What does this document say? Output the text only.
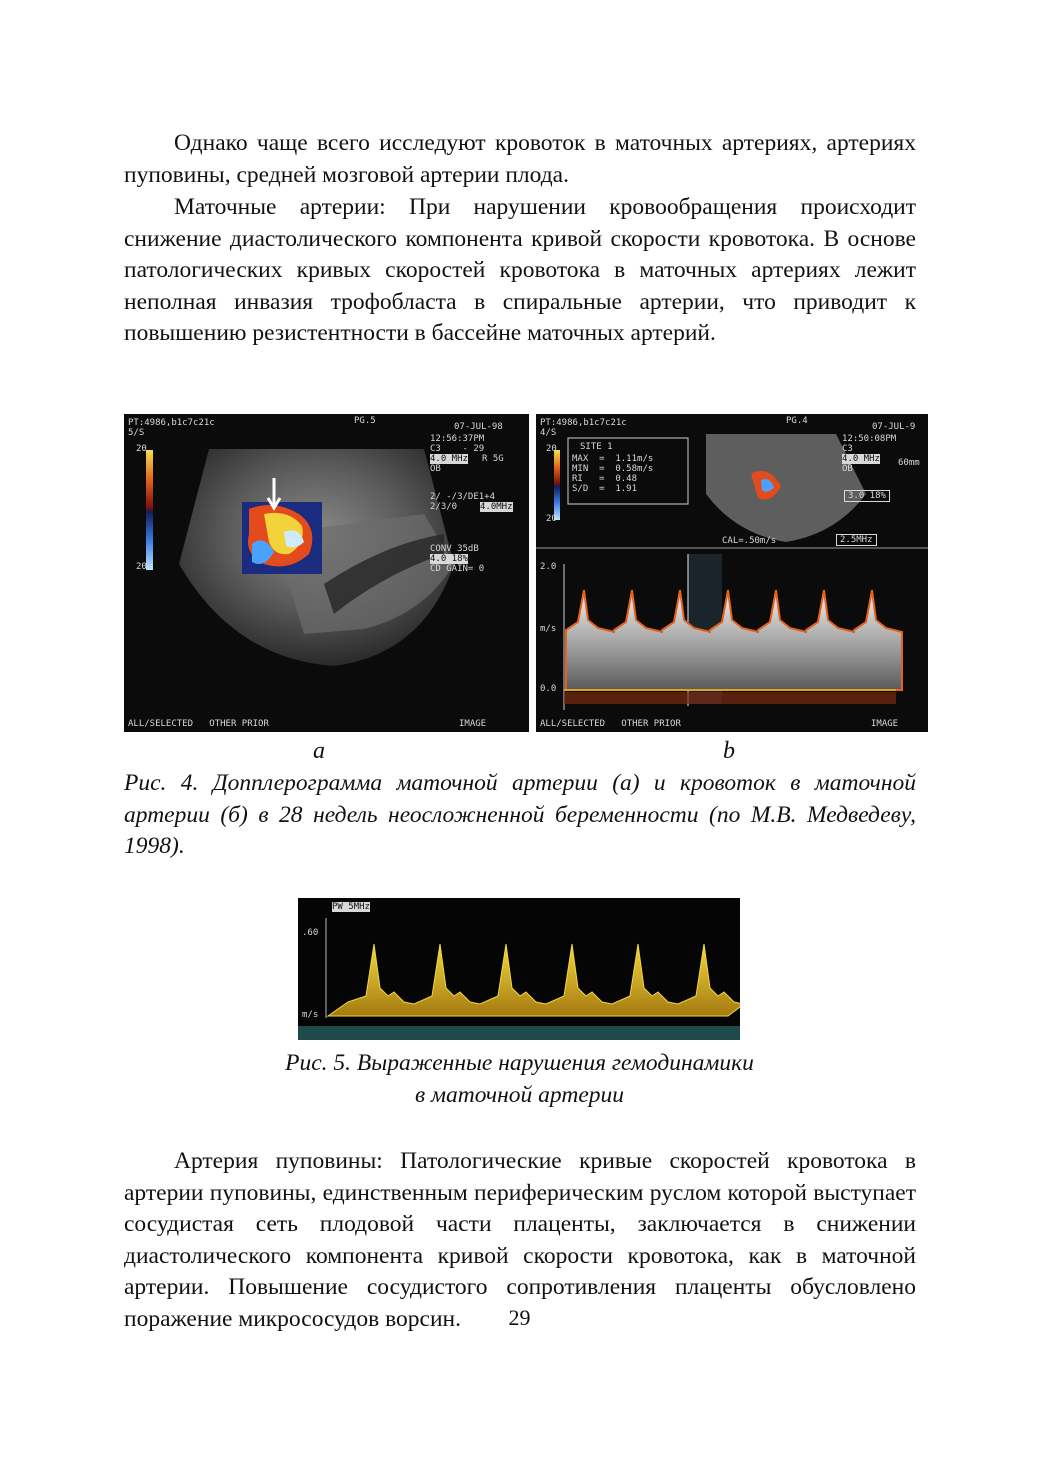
Однако чаще всего исследуют кровоток в маточных артериях, артериях пуповины, средней мозговой артерии плода.

Маточные артерии: При нарушении кровообращения происходит снижение диастолического компонента кривой скорости кровотока. В основе патологических кривых скоростей кровотока в маточных артериях лежит неполная инвазия трофобласта в спиральные артерии, что приводит к повышению резистентности в бассейне маточных артерий.

PT:4986,b1c7c21c	PG.5
5/S
20
20
07-JUL-98
12:56:37PM
C3    - 29
4.0 MHz R 5G
OB
2/ -/3/DE1+4
2/3/0	4.0MHz
CONV 35dB
4.0 18%
CD GAIN= 0
ALL/SELECTED   OTHER PRIOR	IMAGE
PT:4986,b1c7c21c	PG.4
4/S
20
20
SITE 1
MAX  =  1.11m/s
MIN  =  0.58m/s
RI   =  0.48
S/D  =  1.91
07-JUL-9
12:50:08PM
C3
4.0 MHz 60mm
OB
3.0 18%
CAL=.50m/s	2.5MHz
2.0
m/s
0.0
ALL/SELECTED   OTHER PRIOR	IMAGE
a	b

Рис. 4. Допплерограмма маточной артерии (а) и кровоток в маточной артерии (б) в 28 недель неосложненной беременности (по М.В. Медведеву, 1998).

PW 5MHz
.60
m/s
Рис. 5. Выраженные нарушения гемодинамики
в маточной артерии

Артерия пуповины: Патологические кривые скоростей кровотока в артерии пуповины, единственным периферическим руслом которой выступает сосудистая сеть плодовой части плаценты, заключается в снижении диастолического компонента кривой скорости кровотока, как в маточной артерии. Повышение сосудистого сопротивления плаценты обусловлено поражение микрососудов ворсин.	29
